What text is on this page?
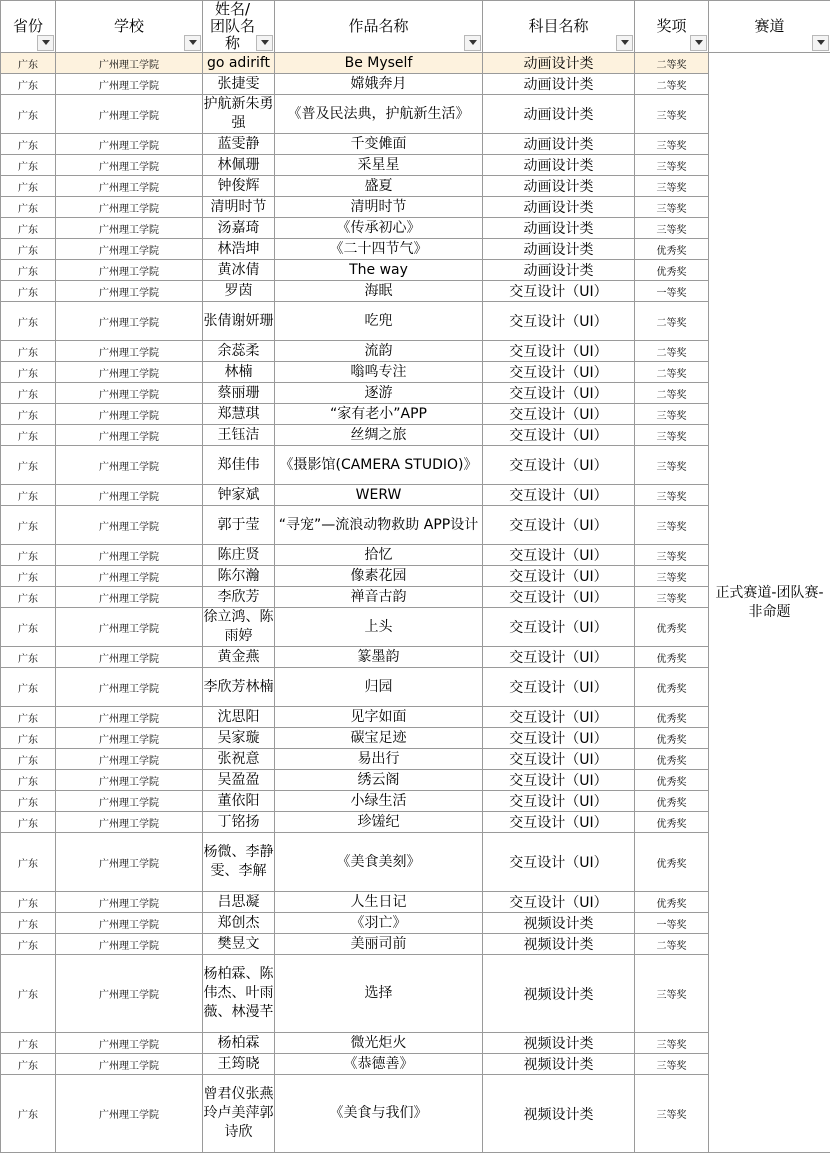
省份	学校	姓名/团队名称	作品名称	科目名称	奖项	赛道

广东	广州理工学院	go adirift	Be Myself	动画设计类	二等奖	正式赛道-团队赛-非命题
广东	广州理工学院	张捷雯	嫦娥奔月	动画设计类	二等奖	
广东	广州理工学院	护航新朱勇强	《普及民法典，护航新生活》	动画设计类	三等奖	
广东	广州理工学院	蓝雯静	千变傩面	动画设计类	三等奖	
广东	广州理工学院	林佩珊	采星星	动画设计类	三等奖	
广东	广州理工学院	钟俊辉	盛夏	动画设计类	三等奖	
广东	广州理工学院	清明时节	清明时节	动画设计类	三等奖	
广东	广州理工学院	汤嘉琦	《传承初心》	动画设计类	三等奖	
广东	广州理工学院	林浩坤	《二十四节气》	动画设计类	优秀奖	
广东	广州理工学院	黄冰倩	The way	动画设计类	优秀奖	
广东	广州理工学院	罗茵	海眠	交互设计（UI）	一等奖	
广东	广州理工学院	张倩谢妍珊	吃兜	交互设计（UI）	二等奖	
广东	广州理工学院	余蕊柔	流韵	交互设计（UI）	二等奖	
广东	广州理工学院	林楠	嗡鸣专注	交互设计（UI）	二等奖	
广东	广州理工学院	蔡丽珊	逐游	交互设计（UI）	二等奖	
广东	广州理工学院	郑慧琪	“家有老小”APP	交互设计（UI）	三等奖	
广东	广州理工学院	王钰洁	丝绸之旅	交互设计（UI）	三等奖	
广东	广州理工学院	郑佳伟	《摄影馆(CAMERA STUDIO)》	交互设计（UI）	三等奖	
广东	广州理工学院	钟家斌	WERW	交互设计（UI）	三等奖	
广东	广州理工学院	郭于莹	“寻宠”—流浪动物救助 APP设计	交互设计（UI）	三等奖	
广东	广州理工学院	陈庄贤	拾忆	交互设计（UI）	三等奖	
广东	广州理工学院	陈尔瀚	像素花园	交互设计（UI）	三等奖	
广东	广州理工学院	李欣芳	禅音古韵	交互设计（UI）	三等奖	
广东	广州理工学院	徐立鸿、陈雨婷	上头	交互设计（UI）	优秀奖	
广东	广州理工学院	黄金燕	篆墨韵	交互设计（UI）	优秀奖	
广东	广州理工学院	李欣芳林楠	归园	交互设计（UI）	优秀奖	
广东	广州理工学院	沈思阳	见字如面	交互设计（UI）	优秀奖	
广东	广州理工学院	吴家璇	碳宝足迹	交互设计（UI）	优秀奖	
广东	广州理工学院	张祝意	易出行	交互设计（UI）	优秀奖	
广东	广州理工学院	吴盈盈	绣云阁	交互设计（UI）	优秀奖	
广东	广州理工学院	董依阳	小绿生活	交互设计（UI）	优秀奖	
广东	广州理工学院	丁铭扬	珍馐纪	交互设计（UI）	优秀奖	
广东	广州理工学院	杨微、李静雯、李解	《美食美刻》	交互设计（UI）	优秀奖	
广东	广州理工学院	吕思凝	人生日记	交互设计（UI）	优秀奖	
广东	广州理工学院	郑创杰	《羽亡》	视频设计类	一等奖	
广东	广州理工学院	樊昱文	美丽司前	视频设计类	二等奖	
广东	广州理工学院	杨柏霖、陈伟杰、叶雨薇、林漫芊	选择	视频设计类	三等奖	
广东	广州理工学院	杨柏霖	微光炬火	视频设计类	三等奖	
广东	广州理工学院	王筠晓	《恭德善》	视频设计类	三等奖	
广东	广州理工学院	曾君仪张燕玲卢美萍郭诗欣	《美食与我们》	视频设计类	三等奖	
